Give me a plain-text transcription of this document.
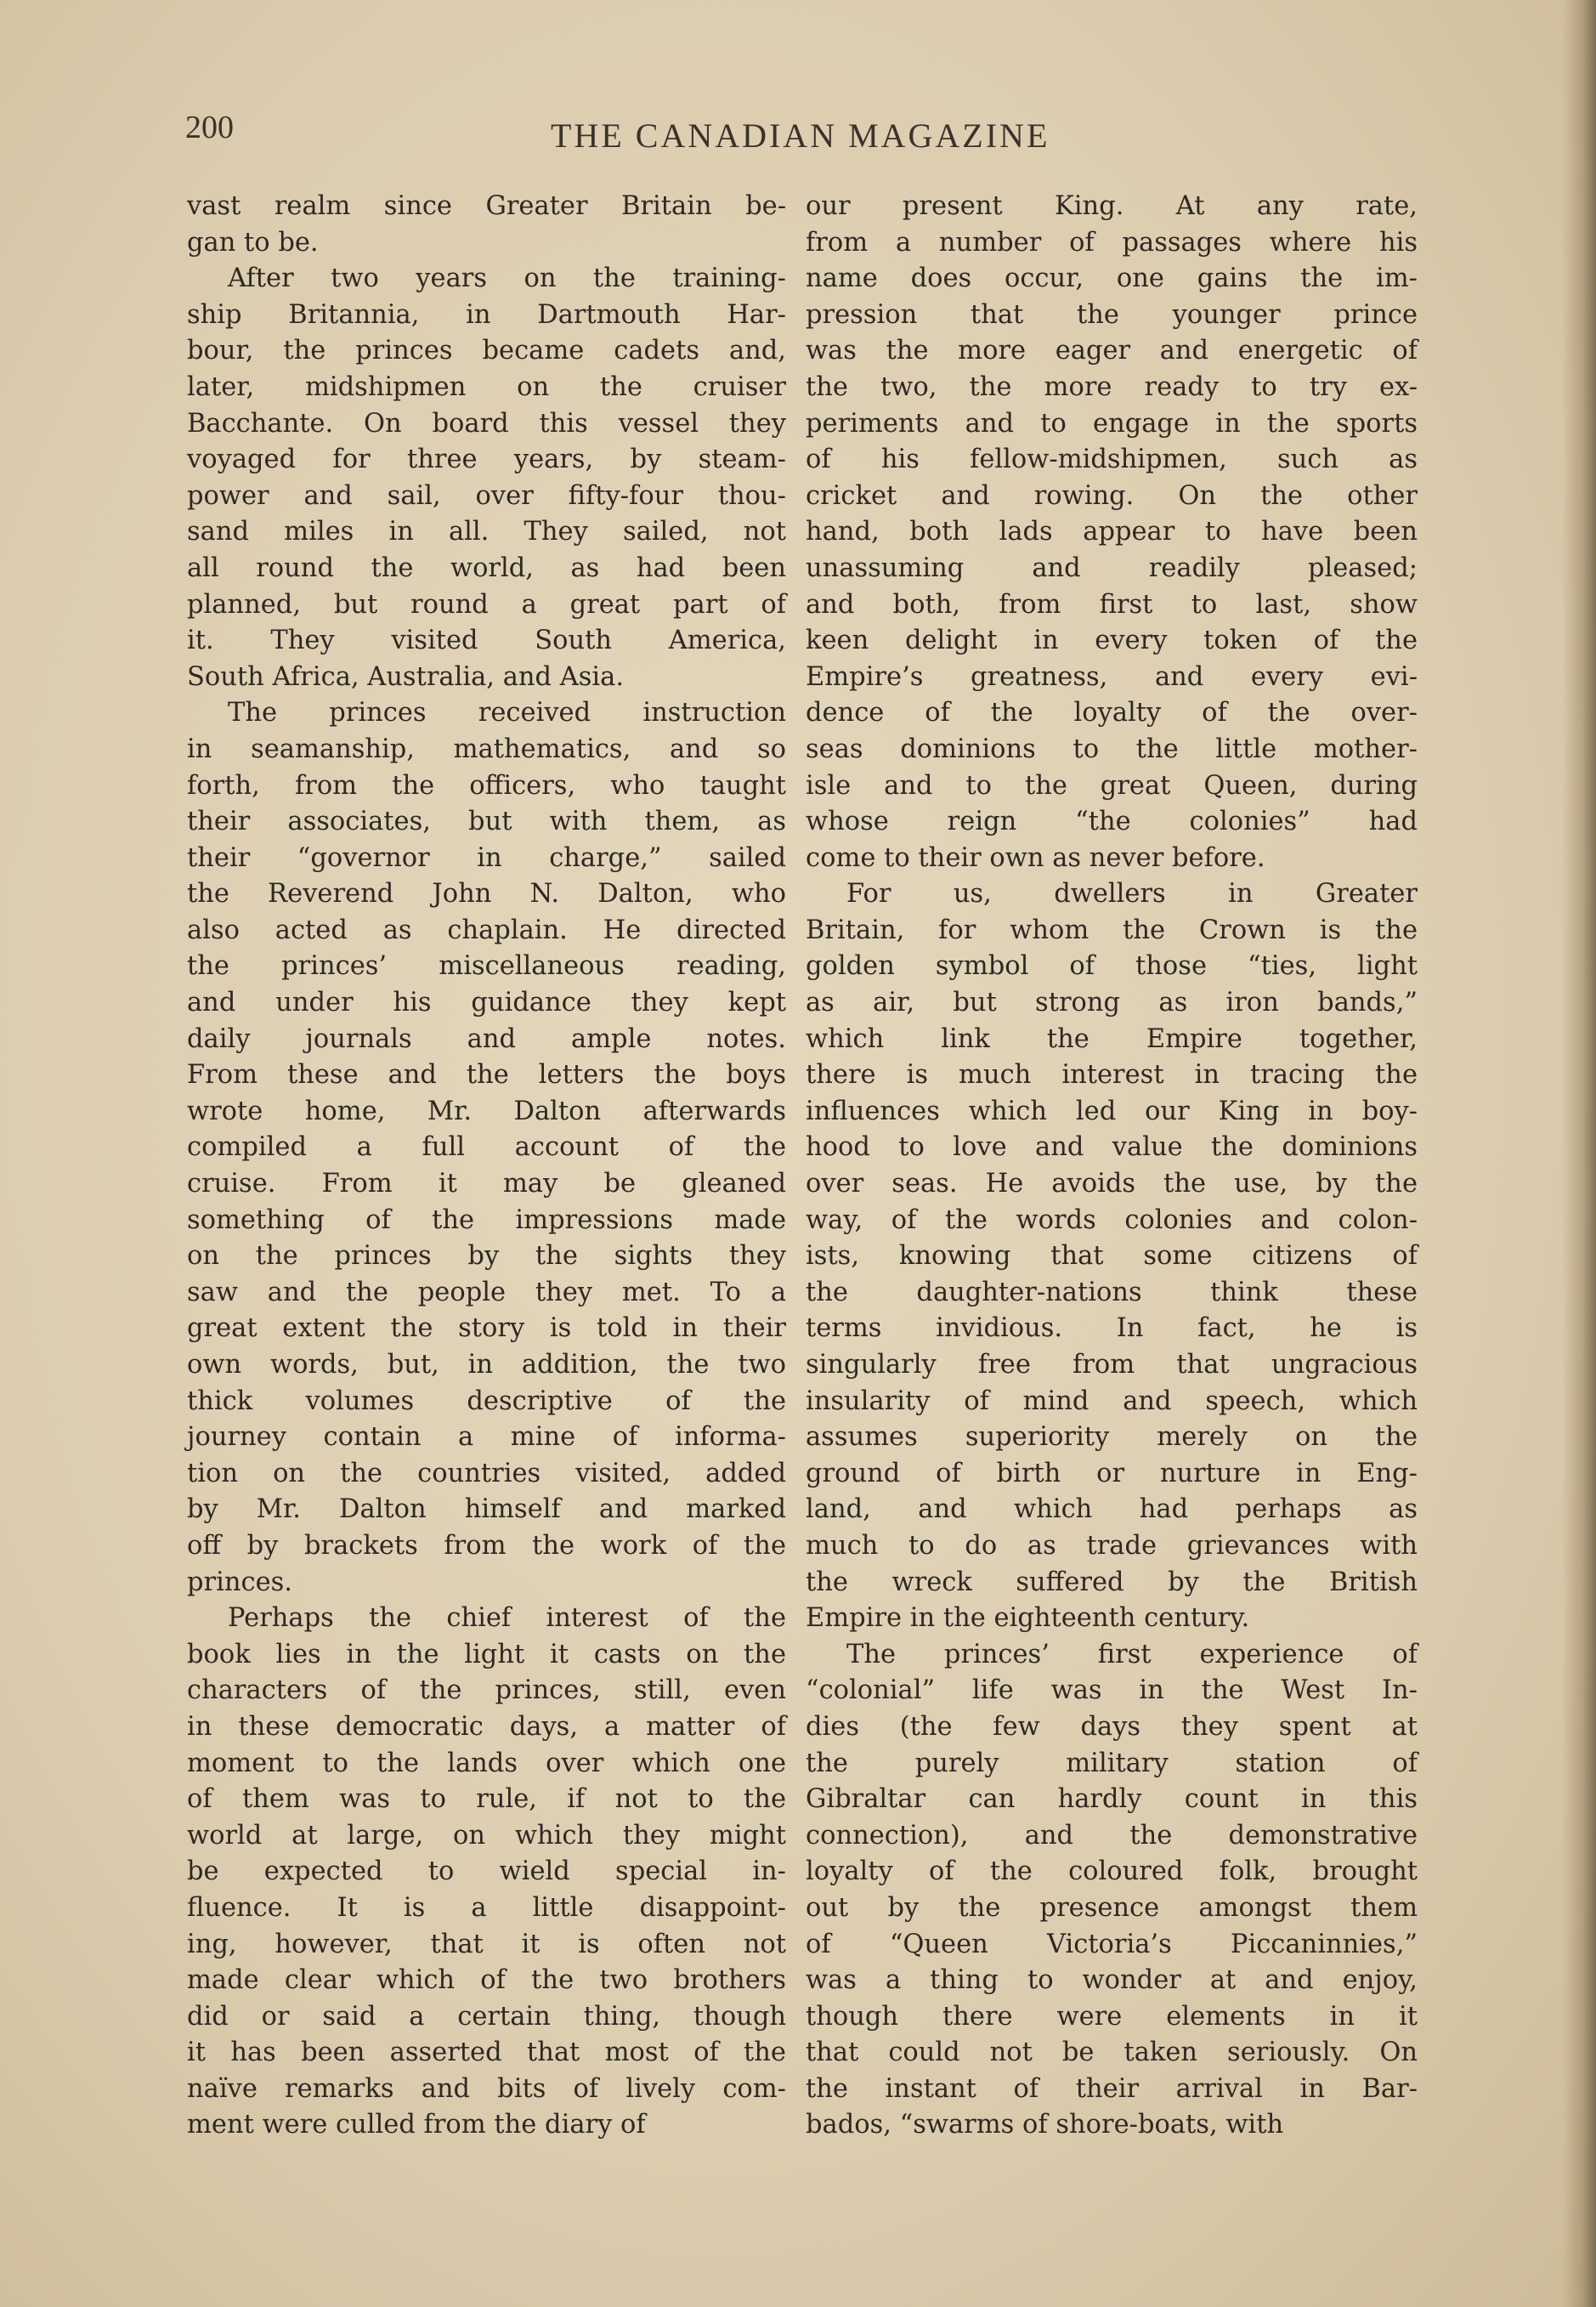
200	THE CANADIAN MAGAZINE
vast realm since Greater Britain be-
gan to be.
After two years on the training-
ship Britannia, in Dartmouth Har-
bour, the princes became cadets and,
later, midshipmen on the cruiser
Bacchante. On board this vessel they
voyaged for three years, by steam-
power and sail, over fifty-four thou-
sand miles in all. They sailed, not
all round the world, as had been
planned, but round a great part of
it. They visited South America,
South Africa, Australia, and Asia.
The princes received instruction
in seamanship, mathematics, and so
forth, from the officers, who taught
their associates, but with them, as
their “governor in charge,” sailed
the Reverend John N. Dalton, who
also acted as chaplain. He directed
the princes’ miscellaneous reading,
and under his guidance they kept
daily journals and ample notes.
From these and the letters the boys
wrote home, Mr. Dalton afterwards
compiled a full account of the
cruise. From it may be gleaned
something of the impressions made
on the princes by the sights they
saw and the people they met. To a
great extent the story is told in their
own words, but, in addition, the two
thick volumes descriptive of the
journey contain a mine of informa-
tion on the countries visited, added
by Mr. Dalton himself and marked
off by brackets from the work of the
princes.
Perhaps the chief interest of the
book lies in the light it casts on the
characters of the princes, still, even
in these democratic days, a matter of
moment to the lands over which one
of them was to rule, if not to the
world at large, on which they might
be expected to wield special in-
fluence. It is a little disappoint-
ing, however, that it is often not
made clear which of the two brothers
did or said a certain thing, though
it has been asserted that most of the
naïve remarks and bits of lively com-
ment were culled from the diary of
our present King. At any rate,
from a number of passages where his
name does occur, one gains the im-
pression that the younger prince
was the more eager and energetic of
the two, the more ready to try ex-
periments and to engage in the sports
of his fellow-midshipmen, such as
cricket and rowing. On the other
hand, both lads appear to have been
unassuming and readily pleased;
and both, from first to last, show
keen delight in every token of the
Empire’s greatness, and every evi-
dence of the loyalty of the over-
seas dominions to the little mother-
isle and to the great Queen, during
whose reign “the colonies” had
come to their own as never before.
For us, dwellers in Greater
Britain, for whom the Crown is the
golden symbol of those “ties, light
as air, but strong as iron bands,”
which link the Empire together,
there is much interest in tracing the
influences which led our King in boy-
hood to love and value the dominions
over seas. He avoids the use, by the
way, of the words colonies and colon-
ists, knowing that some citizens of
the daughter-nations think these
terms invidious. In fact, he is
singularly free from that ungracious
insularity of mind and speech, which
assumes superiority merely on the
ground of birth or nurture in Eng-
land, and which had perhaps as
much to do as trade grievances with
the wreck suffered by the British
Empire in the eighteenth century.
The princes’ first experience of
“colonial” life was in the West In-
dies (the few days they spent at
the purely military station of
Gibraltar can hardly count in this
connection), and the demonstrative
loyalty of the coloured folk, brought
out by the presence amongst them
of “Queen Victoria’s Piccaninnies,”
was a thing to wonder at and enjoy,
though there were elements in it
that could not be taken seriously. On
the instant of their arrival in Bar-
bados, “swarms of shore-boats, with
